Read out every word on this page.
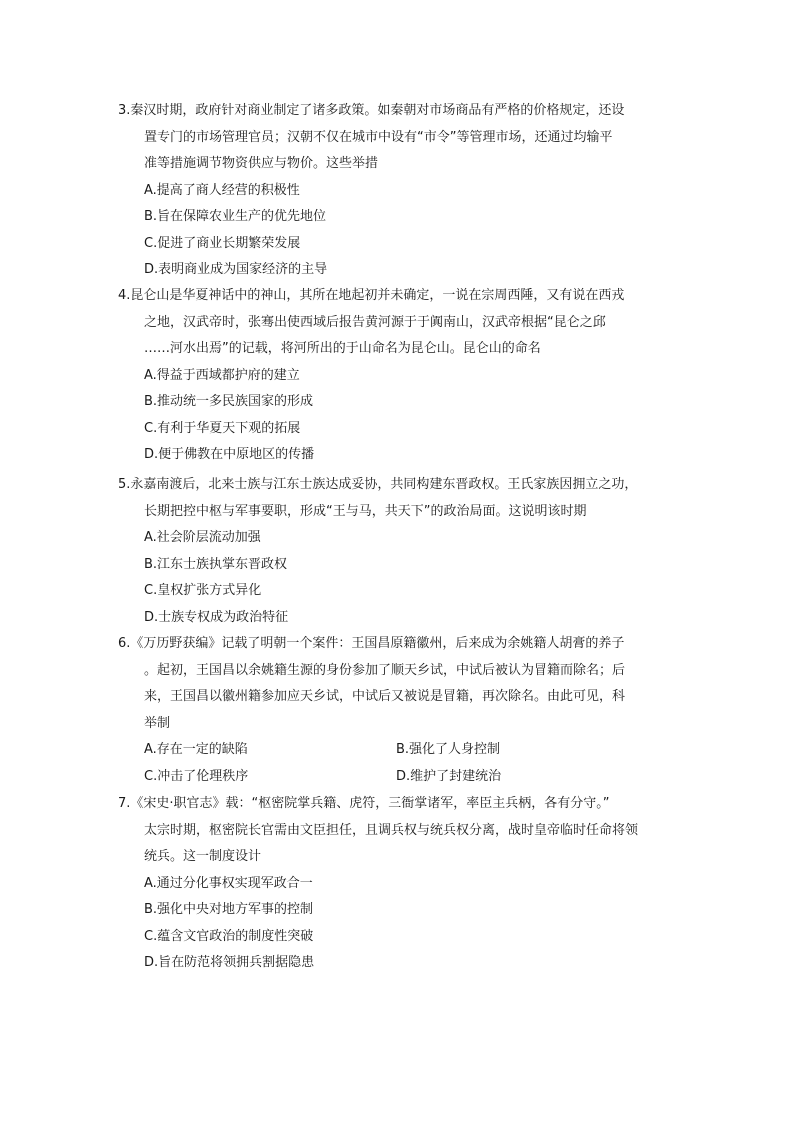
3.秦汉时期，政府针对商业制定了诸多政策。如秦朝对市场商品有严格的价格规定，还设
置专门的市场管理官员；汉朝不仅在城市中设有“市令”等管理市场，还通过均输平
准等措施调节物资供应与物价。这些举措
A.提高了商人经营的积极性
B.旨在保障农业生产的优先地位
C.促进了商业长期繁荣发展
D.表明商业成为国家经济的主导
4.昆仑山是华夏神话中的神山，其所在地起初并未确定，一说在宗周西陲，又有说在西戎
之地，汉武帝时，张骞出使西域后报告黄河源于于阗南山，汉武帝根据“昆仑之邱
……河水出焉”的记载，将河所出的于山命名为昆仑山。昆仑山的命名
A.得益于西域都护府的建立
B.推动统一多民族国家的形成
C.有利于华夏天下观的拓展
D.便于佛教在中原地区的传播
5.永嘉南渡后，北来士族与江东士族达成妥协，共同构建东晋政权。王氏家族因拥立之功，
长期把控中枢与军事要职，形成“王与马，共天下”的政治局面。这说明该时期
A.社会阶层流动加强
B.江东士族执掌东晋政权
C.皇权扩张方式异化
D.士族专权成为政治特征
6.《万历野获编》记载了明朝一个案件：王国昌原籍徽州，后来成为余姚籍人胡膏的养子
。起初，王国昌以余姚籍生源的身份参加了顺天乡试，中试后被认为冒籍而除名；后
来，王国昌以徽州籍参加应天乡试，中试后又被说是冒籍，再次除名。由此可见，科
举制
A.存在一定的缺陷	B.强化了人身控制
C.冲击了伦理秩序	D.维护了封建统治
7.《宋史·职官志》载：“枢密院掌兵籍、虎符，三衙掌诸军，率臣主兵柄，各有分守。”
太宗时期，枢密院长官需由文臣担任，且调兵权与统兵权分离，战时皇帝临时任命将领
统兵。这一制度设计
A.通过分化事权实现军政合一
B.强化中央对地方军事的控制
C.蕴含文官政治的制度性突破
D.旨在防范将领拥兵割据隐患
